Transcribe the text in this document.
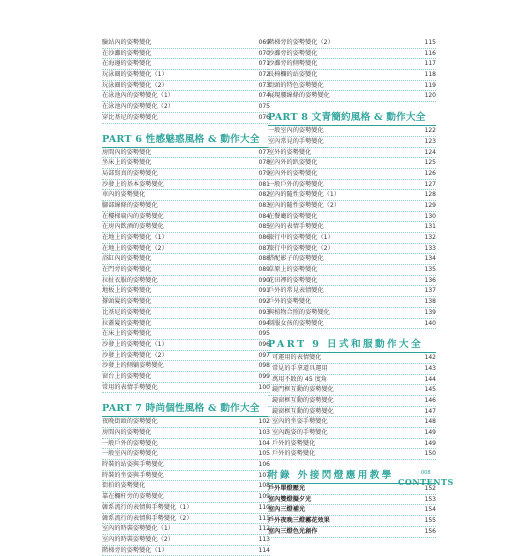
驗站內的姿勢變化	069
在沙灘的姿勢變化	070
在海邊的姿勢變化	071
玩泳圈的姿勢變化（1）	072
玩泳圈的姿勢變化（2）	073
在泳池內的姿勢變化（1）	074
在泳池內的姿勢變化（2）	075
穿比基尼的姿勢變化	076
PART 6 性感魅惑風格 & 動作大全
房間內的姿勢變化	077
坐床上的姿勢變化	078
局部寫真的姿勢變化	079
沙發上的基本姿勢變化	081
車內的姿勢變化	082
腳部線條的姿勢變化	083
在樓梯扁內的姿勢變化	084
在房內飲酒的姿勢變化	085
在地上的姿勢變化（1）	086
在地上的姿勢變化（2）	087
浴缸內的姿勢變化	088
在門旁的姿勢變化	089
拉扯衣服的姿勢變化	090
地板上的姿勢變化	091
撐頭髮的姿勢變化	092
比基尼的姿勢變化	093
拉蓋髮的姿勢變化	094
在床上的姿勢變化	095
沙發上的姿勢變化（1）	096
沙發上的姿勢變化（2）	097
沙發上的側躺姿勢變化	098
窗台上的姿勢變化	099
常用的表情手勢變化	100
PART 7 時尚個性風格 & 動作大全
夜晚街頭的姿勢變化	102
房間內的姿勢變化	103
一般戶外的姿勢變化	104
一般室內的姿勢變化	105
時裝的站姿與手勢變化	106
時裝的坐姿與手勢變化	107
街拍的姿勢變化	108
靠在欄杆旁的姿勢變化	109
韓系流行的表情與手勢變化（1）	110
韓系流行的表情與手勢變化（2）	111
室內的時裝姿勢變化（1）	112
室內的時裝姿勢變化（2）	113
階梯旁的姿勢變化（1）	114
階梯旁的姿勢變化（2）	115
沙灘旁的姿勢變化	116
沙灘旁的側勢變化	117
長椅欄的站姿變化	118
街頭的特色姿勢變化	119
展現腰線條的姿勢變化	120
PART 8 文青簡約風格 & 動作大全
一般室內的姿勢變化	122
室內常見的手勢變化	123
室外的姿勢變化	124
室內外的趴姿變化	125
室內外的姿勢變化	126
一般戶外的姿勢變化	127
室內的隨性姿勢變化（1）	128
室內的隨性姿勢變化（2）	129
在餐廳的姿勢變化	130
室內的表情手勢變化	131
旅行中的姿勢變化（1）	132
旅行中的姿勢變化（2）	133
搭配影子的姿勢變化	134
草原上的姿勢變化	135
花田裡的姿勢變化	136
戶外的常見表情變化	137
戶外的姿勢變化	138
與植物合照的姿勢變化	139
制服女孩的姿勢變化	140
PART 9 日式和服動作大全
可運用的表情變化	142
常見的手拿道具運用	143
萬用不敗的 45 度角	144
鏡門框互動的姿勢變化	145
鏡窗框互動的姿勢變化	146
鏡窗框互動的姿勢變化	147
室內的坐姿手勢變化	148
室內跪姿的手勢變化	149
戶外的姿勢變化	149
戶外的姿勢變化	150
附錄 外接閃燈應用教學
戶外單燈壓光	152
室內雙燈擬夕光	153
室內三燈補光	154
戶外夜晚三燈霧花效果	155
室內三燈色光創作	156
008
CONTENTS
